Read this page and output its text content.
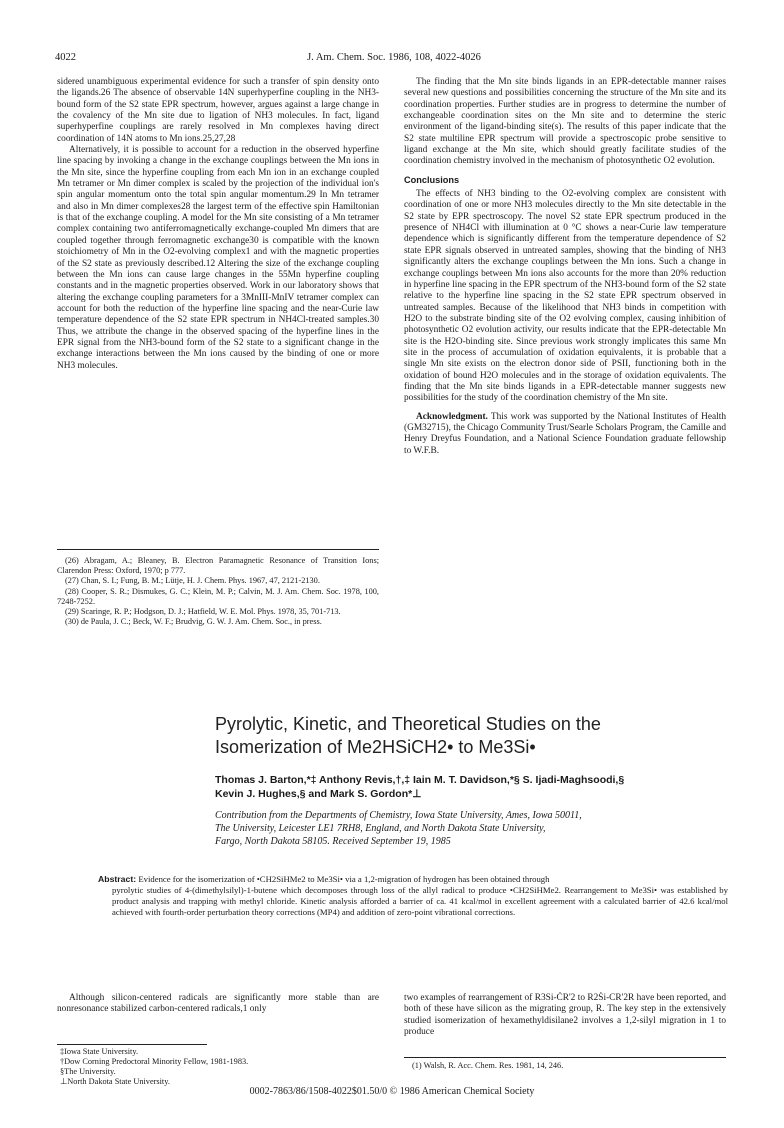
4022	J. Am. Chem. Soc. 1986, 108, 4022-4026

sidered unambiguous experimental evidence for such a transfer of spin density onto the ligands.26 The absence of observable 14N superhyperfine coupling in the NH3-bound form of the S2 state EPR spectrum, however, argues against a large change in the covalency of the Mn site due to ligation of NH3 molecules. In fact, ligand superhyperfine couplings are rarely resolved in Mn complexes having direct coordination of 14N atoms to Mn ions.25,27,28

Alternatively, it is possible to account for a reduction in the observed hyperfine line spacing by invoking a change in the exchange couplings between the Mn ions in the Mn site, since the hyperfine coupling from each Mn ion in an exchange coupled Mn tetramer or Mn dimer complex is scaled by the projection of the individual ion's spin angular momentum onto the total spin angular momentum.29 In Mn tetramer and also in Mn dimer complexes28 the largest term of the effective spin Hamiltonian is that of the exchange coupling. A model for the Mn site consisting of a Mn tetramer complex containing two antiferromagnetically exchange-coupled Mn dimers that are coupled together through ferromagnetic exchange30 is compatible with the known stoichiometry of Mn in the O2-evolving complex1 and with the magnetic properties of the S2 state as previously described.12 Altering the size of the exchange coupling between the Mn ions can cause large changes in the 55Mn hyperfine coupling constants and in the magnetic properties observed. Work in our laboratory shows that altering the exchange coupling parameters for a 3MnIII-MnIV tetramer complex can account for both the reduction of the hyperfine line spacing and the near-Curie law temperature dependence of the S2 state EPR spectrum in NH4Cl-treated samples.30 Thus, we attribute the change in the observed spacing of the hyperfine lines in the EPR signal from the NH3-bound form of the S2 state to a significant change in the exchange interactions between the Mn ions caused by the binding of one or more NH3 molecules.

(26) Abragam, A.; Bleaney, B. Electron Paramagnetic Resonance of Transition Ions; Clarendon Press: Oxford, 1970; p 777.

(27) Chan, S. I.; Fung, B. M.; Lütje, H. J. Chem. Phys. 1967, 47, 2121-2130.

(28) Cooper, S. R.; Dismukes, G. C.; Klein, M. P.; Calvin, M. J. Am. Chem. Soc. 1978, 100, 7248-7252.

(29) Scaringe, R. P.; Hodgson, D. J.; Hatfield, W. E. Mol. Phys. 1978, 35, 701-713.

(30) de Paula, J. C.; Beck, W. F.; Brudvig, G. W. J. Am. Chem. Soc., in press.

The finding that the Mn site binds ligands in an EPR-detectable manner raises several new questions and possibilities concerning the structure of the Mn site and its coordination properties. Further studies are in progress to determine the number of exchangeable coordination sites on the Mn site and to determine the steric environment of the ligand-binding site(s). The results of this paper indicate that the S2 state multiline EPR spectrum will provide a spectroscopic probe sensitive to ligand exchange at the Mn site, which should greatly facilitate studies of the coordination chemistry involved in the mechanism of photosynthetic O2 evolution.

Conclusions

The effects of NH3 binding to the O2-evolving complex are consistent with coordination of one or more NH3 molecules directly to the Mn site detectable in the S2 state by EPR spectroscopy. The novel S2 state EPR spectrum produced in the presence of NH4Cl with illumination at 0 °C shows a near-Curie law temperature dependence which is significantly different from the temperature dependence of S2 state EPR signals observed in untreated samples, showing that the binding of NH3 significantly alters the exchange couplings between the Mn ions. Such a change in exchange couplings between Mn ions also accounts for the more than 20% reduction in hyperfine line spacing in the EPR spectrum of the NH3-bound form of the S2 state relative to the hyperfine line spacing in the S2 state EPR spectrum observed in untreated samples. Because of the likelihood that NH3 binds in competition with H2O to the substrate binding site of the O2 evolving complex, causing inhibition of photosynthetic O2 evolution activity, our results indicate that the EPR-detectable Mn site is the H2O-binding site. Since previous work strongly implicates this same Mn site in the process of accumulation of oxidation equivalents, it is probable that a single Mn site exists on the electron donor side of PSII, functioning both in the oxidation of bound H2O molecules and in the storage of oxidation equivalents. The finding that the Mn site binds ligands in a EPR-detectable manner suggests new possibilities for the study of the coordination chemistry of the Mn site.

Acknowledgment. This work was supported by the National Institutes of Health (GM32715), the Chicago Community Trust/Searle Scholars Program, the Camille and Henry Dreyfus Foundation, and a National Science Foundation graduate fellowship to W.F.B.

Pyrolytic, Kinetic, and Theoretical Studies on the
Isomerization of Me2HSiCH2• to Me3Si•
Thomas J. Barton,*‡ Anthony Revis,†,‡ Iain M. T. Davidson,*§ S. Ijadi-Maghsoodi,§
Kevin J. Hughes,§ and Mark S. Gordon*⊥
Contribution from the Departments of Chemistry, Iowa State University, Ames, Iowa 50011,
The University, Leicester LE1 7RH8, England, and North Dakota State University,
Fargo, North Dakota 58105. Received September 19, 1985
Abstract: Evidence for the isomerization of •CH2SiHMe2 to Me3Si• via a 1,2-migration of hydrogen has been obtained through
pyrolytic studies of 4-(dimethylsilyl)-1-butene which decomposes through loss of the allyl radical to produce •CH2SiHMe2. Rearrangement to Me3Si• was established by product analysis and trapping with methyl chloride. Kinetic analysis afforded a barrier of ca. 41 kcal/mol in excellent agreement with a calculated barrier of 42.6 kcal/mol achieved with fourth-order perturbation theory corrections (MP4) and addition of zero-point vibrational corrections.

Although silicon-centered radicals are significantly more stable than are nonresonance stabilized carbon-centered radicals,1 only

‡Iowa State University.
†Dow Corning Predoctoral Minority Fellow, 1981-1983.
§The University.
⊥North Dakota State University.

two examples of rearrangement of R3Si-ĊR'2 to R2Ṡi-CR'2R have been reported, and both of these have silicon as the migrating group, R. The key step in the extensively studied isomerization of hexamethyldisilane2 involves a 1,2-silyl migration in 1 to produce

(1) Walsh, R. Acc. Chem. Res. 1981, 14, 246.
0002-7863/86/1508-4022$01.50/0 © 1986 American Chemical Society
